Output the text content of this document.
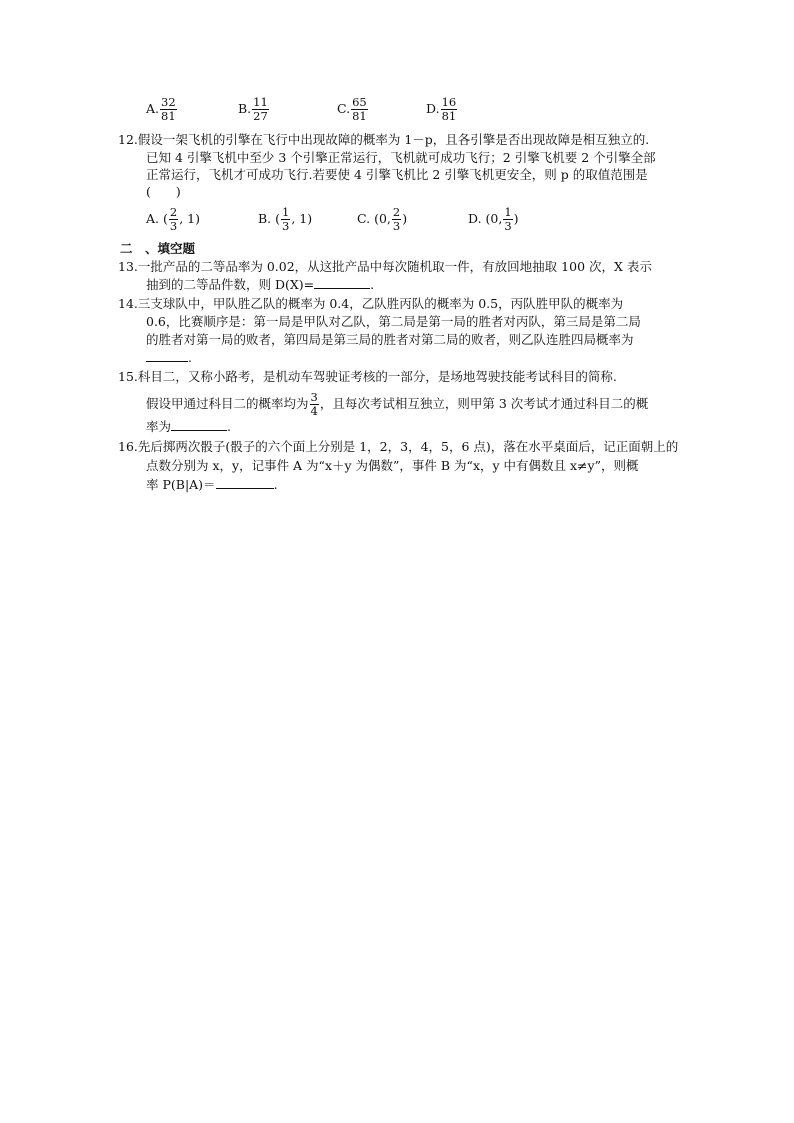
A. $\frac{32}{81}$	B. $\frac{11}{27}$	C. $\frac{65}{81}$	D. $\frac{16}{81}$
12.假设一架飞机的引擎在飞行中出现故障的概率为 1－p，且各引擎是否出现故障是相互独立的.
已知 4 引擎飞机中至少 3 个引擎正常运行，飞机就可成功飞行；2 引擎飞机要 2 个引擎全部
正常运行，飞机才可成功飞行.若要使 4 引擎飞机比 2 引擎飞机更安全，则 p 的取值范围是
(　　)
A. ( $\frac{2}{3}$ , 1)	B. ( $\frac{1}{3}$ , 1)	C. (0, $\frac{2}{3}$ )	D. (0, $\frac{1}{3}$ )
二　、填空题
13.一批产品的二等品率为 0.02，从这批产品中每次随机取一件，有放回地抽取 100 次，X 表示
抽到的二等品件数，则 D(X)=	.
14.三支球队中，甲队胜乙队的概率为 0.4，乙队胜丙队的概率为 0.5，丙队胜甲队的概率为
0.6，比赛顺序是：第一局是甲队对乙队，第二局是第一局的胜者对丙队，第三局是第二局
的胜者对第一局的败者，第四局是第三局的胜者对第二局的败者，则乙队连胜四局概率为
.
15.科目二，又称小路考，是机动车驾驶证考核的一部分，是场地驾驶技能考试科目的简称.
假设甲通过科目二的概率均为 $\frac{3}{4}$ ，且每次考试相互独立，则甲第 3 次考试才通过科目二的概
率为	.
16.先后掷两次骰子(骰子的六个面上分别是 1，2，3，4，5，6 点)，落在水平桌面后，记正面朝上的
点数分别为 x，y，记事件 A 为“x＋y 为偶数”，事件 B 为“x，y 中有偶数且 x≠y”，则概
率 P(B|A)＝	.
